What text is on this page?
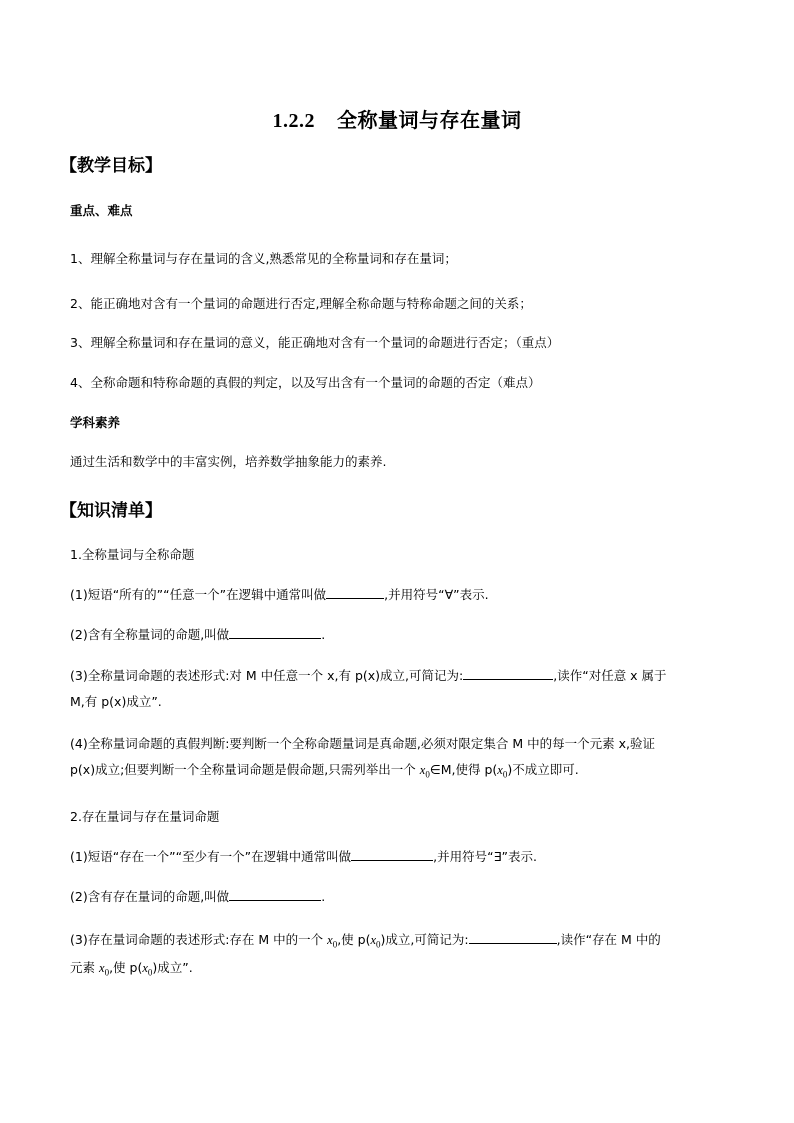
1.2.2 全称量词与存在量词
【教学目标】
重点、难点
1、理解全称量词与存在量词的含义,熟悉常见的全称量词和存在量词；
2、能正确地对含有一个量词的命题进行否定,理解全称命题与特称命题之间的关系；
3、理解全称量词和存在量词的意义，能正确地对含有一个量词的命题进行否定；（重点）
4、全称命题和特称命题的真假的判定，以及写出含有一个量词的命题的否定（难点）
学科素养
通过生活和数学中的丰富实例，培养数学抽象能力的素养.
【知识清单】
1.全称量词与全称命题
(1)短语“所有的”“任意一个”在逻辑中通常叫做	,并用符号“∀”表示.
(2)含有全称量词的命题,叫做	.
(3)全称量词命题的表述形式:对 M 中任意一个 x,有 p(x)成立,可简记为:	,读作“对任意 x 属于
M,有 p(x)成立”.
(4)全称量词命题的真假判断:要判断一个全称命题量词是真命题,必须对限定集合 M 中的每一个元素 x,验证
p(x)成立;但要判断一个全称量词命题是假命题,只需列举出一个 $x_0\in M$,使得 $p(x_0)$不成立即可.
2.存在量词与存在量词命题
(1)短语“存在一个”“至少有一个”在逻辑中通常叫做	,并用符号“∃”表示.
(2)含有存在量词的命题,叫做	.
(3)存在量词命题的表述形式:存在 M 中的一个 $x_0$,使 $p(x_0)$成立,可简记为:	,读作“存在 M 中的
元素 $x_0$,使 $p(x_0)$成立”.
